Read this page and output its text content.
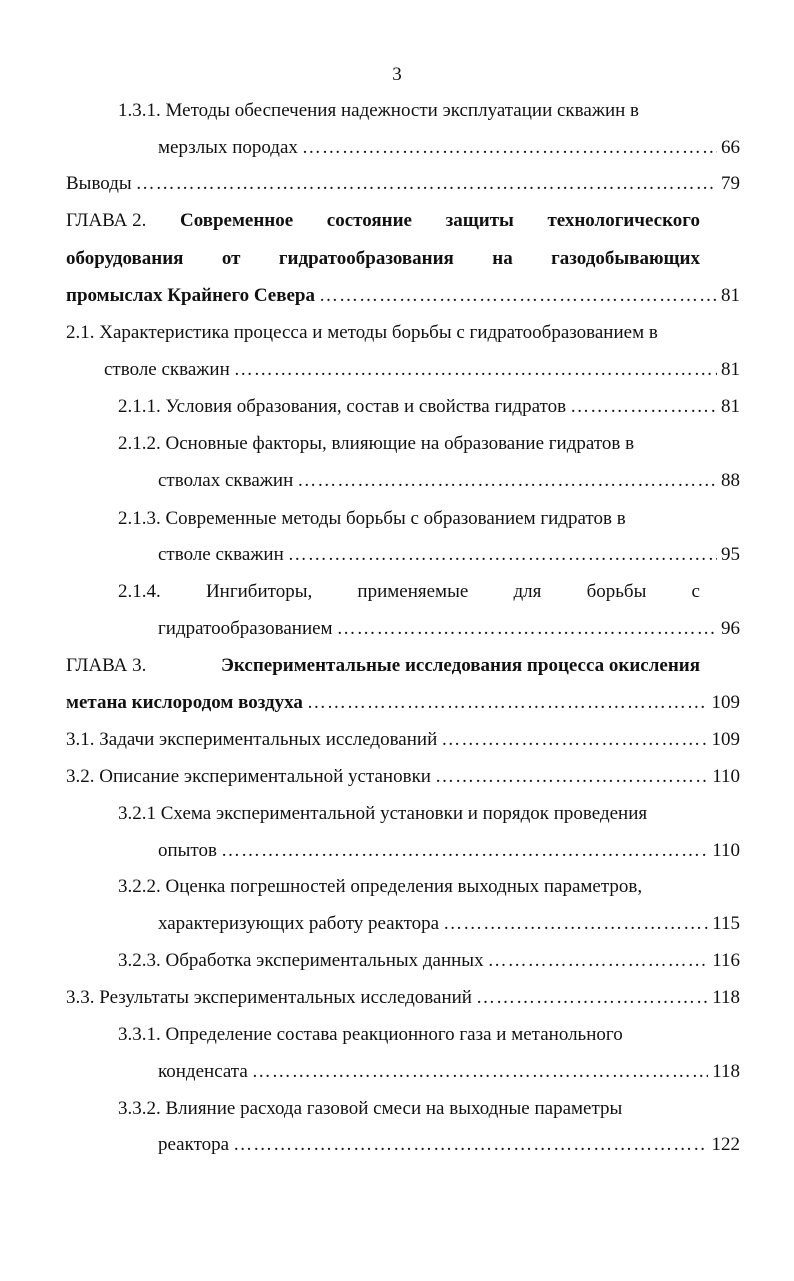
3
1.3.1. Методы обеспечения надежности эксплуатации скважин в
мерзлых породах ………………………………………………………………………………………………………………………………………………………………	66
Выводы ………………………………………………………………………………………………………………………………………………………………	79
ГЛАВА 2. Современное состояние защиты технологического
оборудования от гидратообразования на газодобывающих
промыслах Крайнего Севера ………………………………………………………………………………………………………………………………………………………………	81
2.1. Характеристика процесса и методы борьбы с гидратообразованием в
стволе скважин ………………………………………………………………………………………………………………………………………………………………	81
2.1.1. Условия образования, состав и свойства гидратов ………………………………………………………………………………………………………………………………………………………………	81
2.1.2. Основные факторы, влияющие на образование гидратов в
стволах скважин ………………………………………………………………………………………………………………………………………………………………	88
2.1.3. Современные методы борьбы с образованием гидратов в
стволе скважин ………………………………………………………………………………………………………………………………………………………………	95
2.1.4. Ингибиторы, применяемые для борьбы с
гидратообразованием ………………………………………………………………………………………………………………………………………………………………	96
ГЛАВА 3.	Экспериментальные исследования процесса окисления
метана кислородом воздуха ………………………………………………………………………………………………………………………………………………………………	109
3.1. Задачи экспериментальных исследований ………………………………………………………………………………………………………………………………………………………………	109
3.2. Описание экспериментальной установки ………………………………………………………………………………………………………………………………………………………………	110
3.2.1 Схема экспериментальной установки и порядок проведения
опытов ………………………………………………………………………………………………………………………………………………………………	110
3.2.2. Оценка погрешностей определения выходных параметров,
характеризующих работу реактора ………………………………………………………………………………………………………………………………………………………………	115
3.2.3. Обработка экспериментальных данных ………………………………………………………………………………………………………………………………………………………………	116
3.3. Результаты экспериментальных исследований ………………………………………………………………………………………………………………………………………………………………	118
3.3.1. Определение состава реакционного газа и метанольного
конденсата ………………………………………………………………………………………………………………………………………………………………	118
3.3.2. Влияние расхода газовой смеси на выходные параметры
реактора ………………………………………………………………………………………………………………………………………………………………	122
